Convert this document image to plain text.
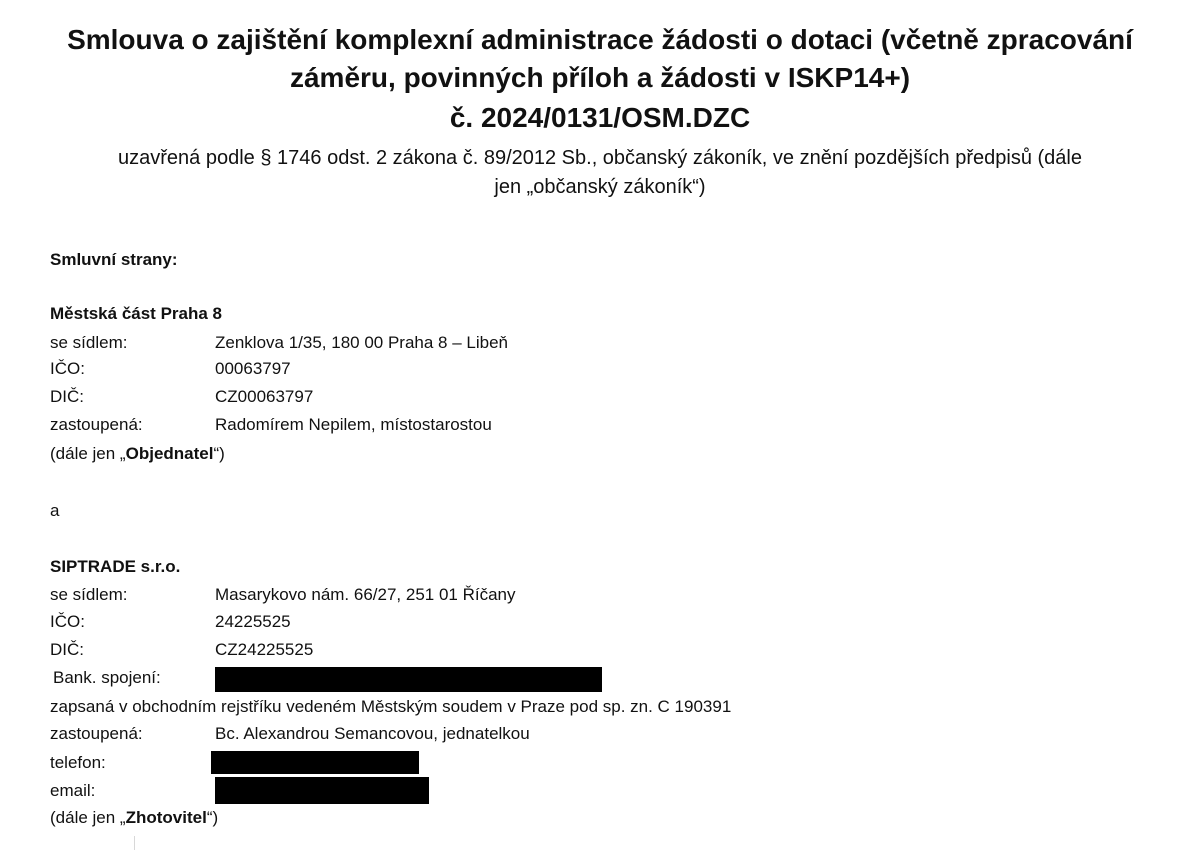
Smlouva o zajištění komplexní administrace žádosti o dotaci (včetně zpracování
záměru, povinných příloh a žádosti v ISKP14+)
č. 2024/0131/OSM.DZC
uzavřená podle § 1746 odst. 2 zákona č. 89/2012 Sb., občanský zákoník, ve znění pozdějších předpisů (dále
jen „občanský zákoník“)
Smluvní strany:
Městská část Praha 8
se sídlem:	Zenklova 1/35, 180 00 Praha 8 – Libeň
IČO:	00063797
DIČ:	CZ00063797
zastoupená:	Radomírem Nepilem, místostarostou
(dále jen „Objednatel“)
a
SIPTRADE s.r.o.
se sídlem:	Masarykovo nám. 66/27, 251 01 Říčany
IČO:	24225525
DIČ:	CZ24225525
Bank. spojení:
zapsaná v obchodním rejstříku vedeném Městským soudem v Praze pod sp. zn. C 190391
zastoupená:	Bc. Alexandrou Semancovou, jednatelkou
telefon:
email:
(dále jen „Zhotovitel“)
